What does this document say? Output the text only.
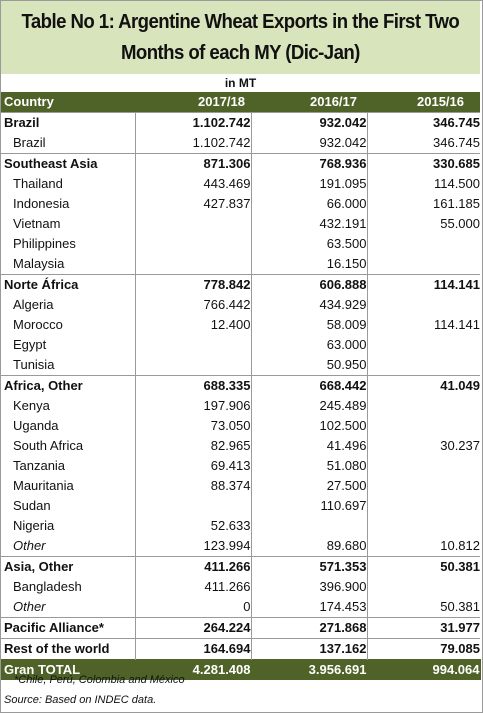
Table No 1: Argentine Wheat Exports in the First Two
Months of each MY (Dic-Jan)
in MT
Country	2017/18	2016/17	2015/16
Brazil	1.102.742	932.042	346.745
Brazil	1.102.742	932.042	346.745
Southeast Asia	871.306	768.936	330.685
Thailand	443.469	191.095	114.500
Indonesia	427.837	66.000	161.185
Vietnam		432.191	55.000
Philippines		63.500	
Malaysia		16.150	
Norte África	778.842	606.888	114.141
Algeria	766.442	434.929	
Morocco	12.400	58.009	114.141
Egypt		63.000	
Tunisia		50.950	
Africa, Other	688.335	668.442	41.049
Kenya	197.906	245.489	
Uganda	73.050	102.500	
South Africa	82.965	41.496	30.237
Tanzania	69.413	51.080	
Mauritania	88.374	27.500	
Sudan		110.697	
Nigeria	52.633		
Other	123.994	89.680	10.812
Asia, Other	411.266	571.353	50.381
Bangladesh	411.266	396.900	
Other	0	174.453	50.381
Pacific Alliance*	264.224	271.868	31.977
Rest of the world	164.694	137.162	79.085
Gran TOTAL	4.281.408	3.956.691	994.064
*Chile, Perú, Colombia and México
Source: Based on INDEC data.
